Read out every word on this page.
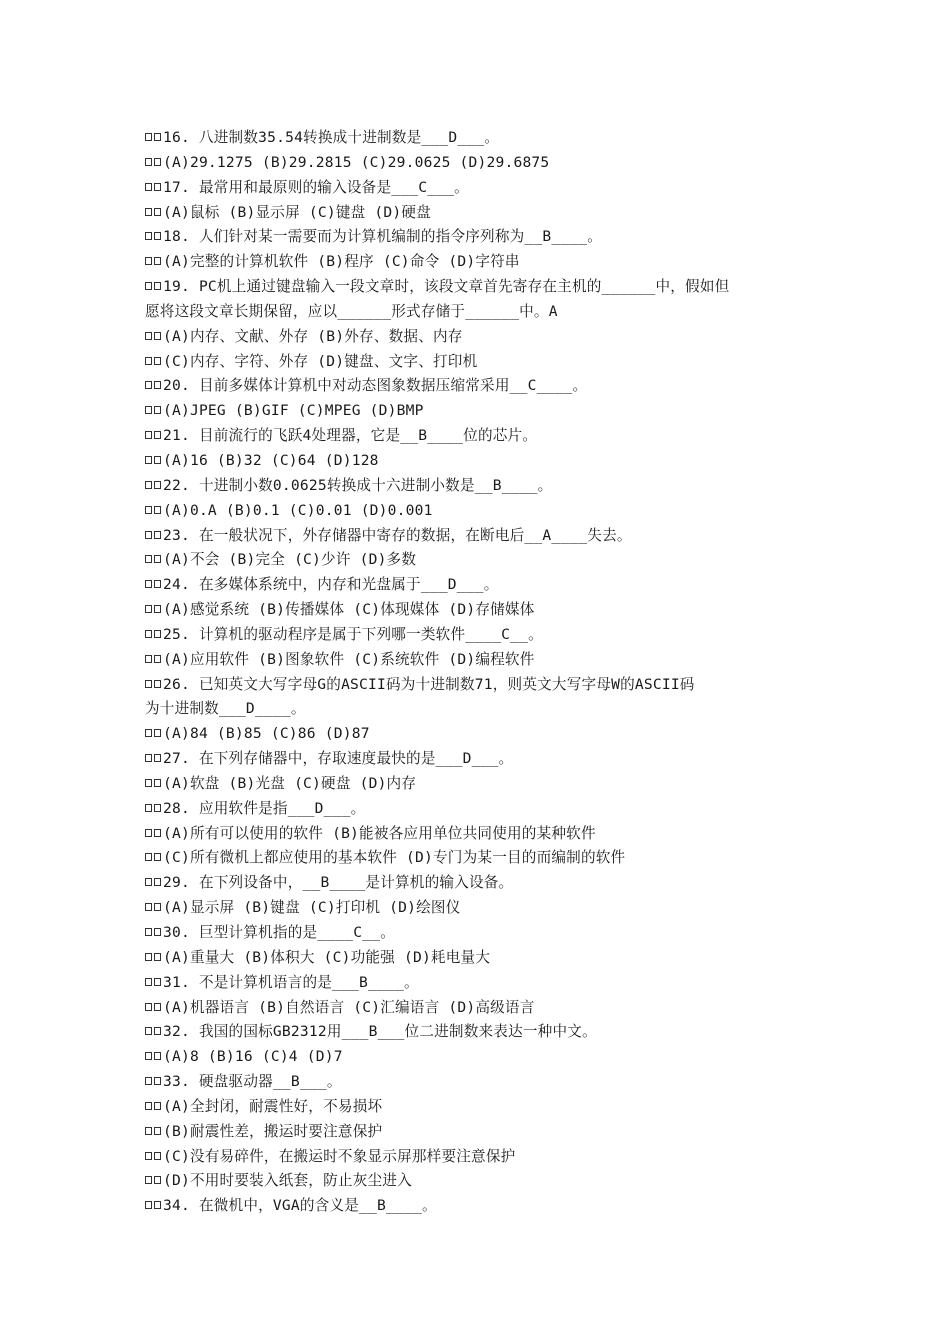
16. 八进制数35.54转换成十进制数是___D___。
(A)29.1275 (B)29.2815 (C)29.0625 (D)29.6875
17. 最常用和最原则的输入设备是___C___。
(A)鼠标 (B)显示屏 (C)键盘 (D)硬盘
18. 人们针对某一需要而为计算机编制的指令序列称为__B____。
(A)完整的计算机软件 (B)程序 (C)命令 (D)字符串
19. PC机上通过键盘输入一段文章时，该段文章首先寄存在主机的______中，假如但
愿将这段文章长期保留，应以______形式存储于______中。A
(A)内存、文献、外存 (B)外存、数据、内存
(C)内存、字符、外存 (D)键盘、文字、打印机
20. 目前多媒体计算机中对动态图象数据压缩常采用__C____。
(A)JPEG (B)GIF (C)MPEG (D)BMP
21. 目前流行的飞跃4处理器，它是__B____位的芯片。
(A)16 (B)32 (C)64 (D)128
22. 十进制小数0.0625转换成十六进制小数是__B____。
(A)0.A (B)0.1 (C)0.01 (D)0.001
23. 在一般状况下，外存储器中寄存的数据，在断电后__A____失去。
(A)不会 (B)完全 (C)少许 (D)多数
24. 在多媒体系统中，内存和光盘属于___D___。
(A)感觉系统 (B)传播媒体 (C)体现媒体 (D)存储媒体
25. 计算机的驱动程序是属于下列哪一类软件____C__。
(A)应用软件 (B)图象软件 (C)系统软件 (D)编程软件
26. 已知英文大写字母G的ASCII码为十进制数71，则英文大写字母W的ASCII码
为十进制数___D____。
(A)84 (B)85 (C)86 (D)87
27. 在下列存储器中，存取速度最快的是___D___。
(A)软盘 (B)光盘 (C)硬盘 (D)内存
28. 应用软件是指___D___。
(A)所有可以使用的软件 (B)能被各应用单位共同使用的某种软件
(C)所有微机上都应使用的基本软件 (D)专门为某一目的而编制的软件
29. 在下列设备中，__B____是计算机的输入设备。
(A)显示屏 (B)键盘 (C)打印机 (D)绘图仪
30. 巨型计算机指的是____C__。
(A)重量大 (B)体积大 (C)功能强 (D)耗电量大
31. 不是计算机语言的是___B____。
(A)机器语言 (B)自然语言 (C)汇编语言 (D)高级语言
32. 我国的国标GB2312用___B___位二进制数来表达一种中文。
(A)8 (B)16 (C)4 (D)7
33. 硬盘驱动器__B___。
(A)全封闭，耐震性好，不易损坏
(B)耐震性差，搬运时要注意保护
(C)没有易碎件，在搬运时不象显示屏那样要注意保护
(D)不用时要装入纸套，防止灰尘进入
34. 在微机中，VGA的含义是__B____。
